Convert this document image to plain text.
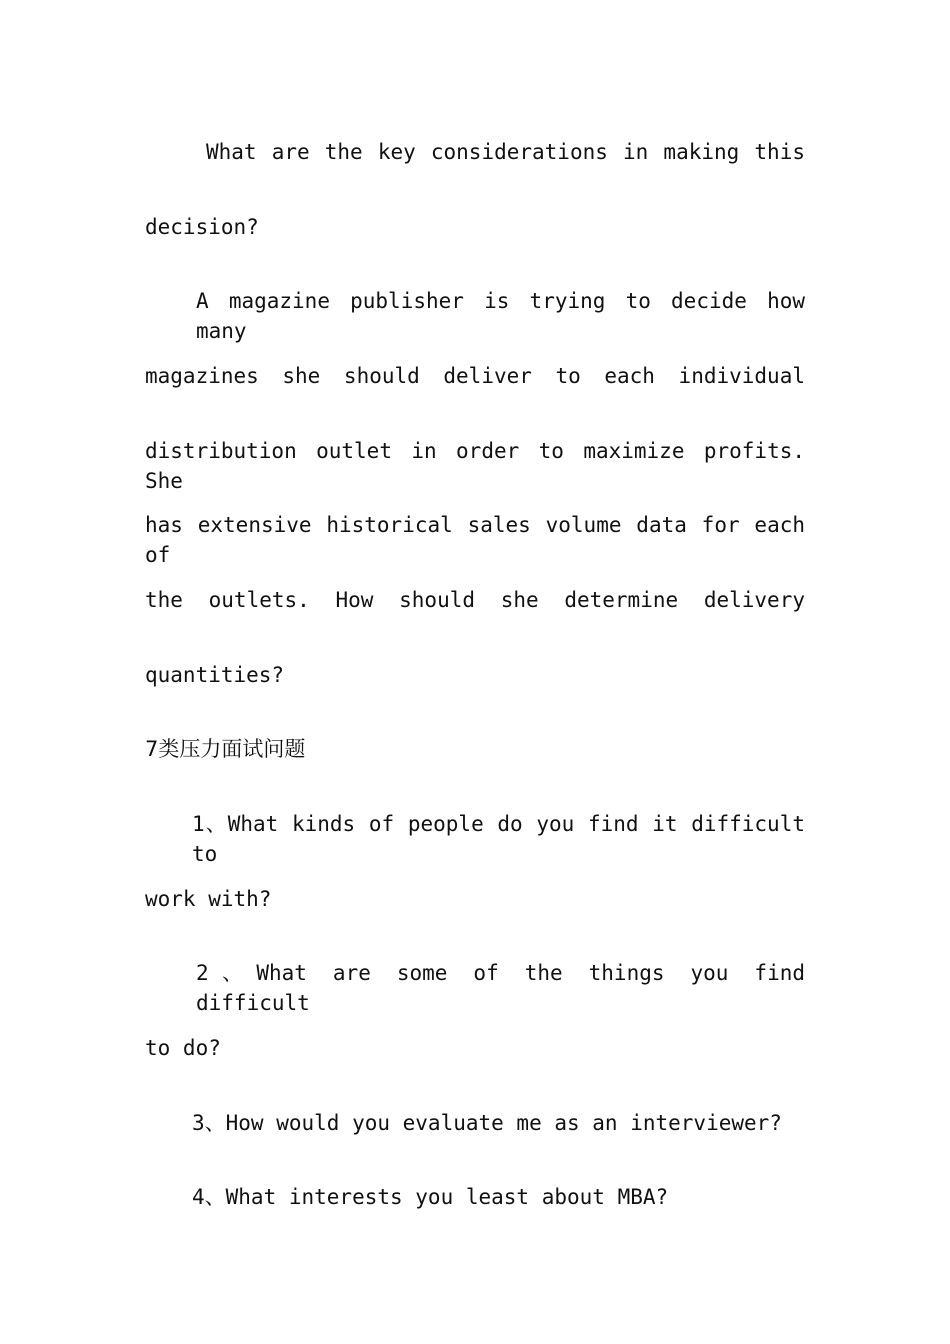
What are the key considerations in making this
decision?
A magazine publisher is trying to decide how many
magazines she should deliver to each individual
distribution outlet in order to maximize profits. She
has extensive historical sales volume data for each of
the outlets. How should she determine delivery
quantities?
7类压力面试问题
1、What kinds of people do you find it difficult to
work with?
2、What are some of the things you find difficult
to do?
3、How would you evaluate me as an interviewer?
4、What interests you least about MBA?
